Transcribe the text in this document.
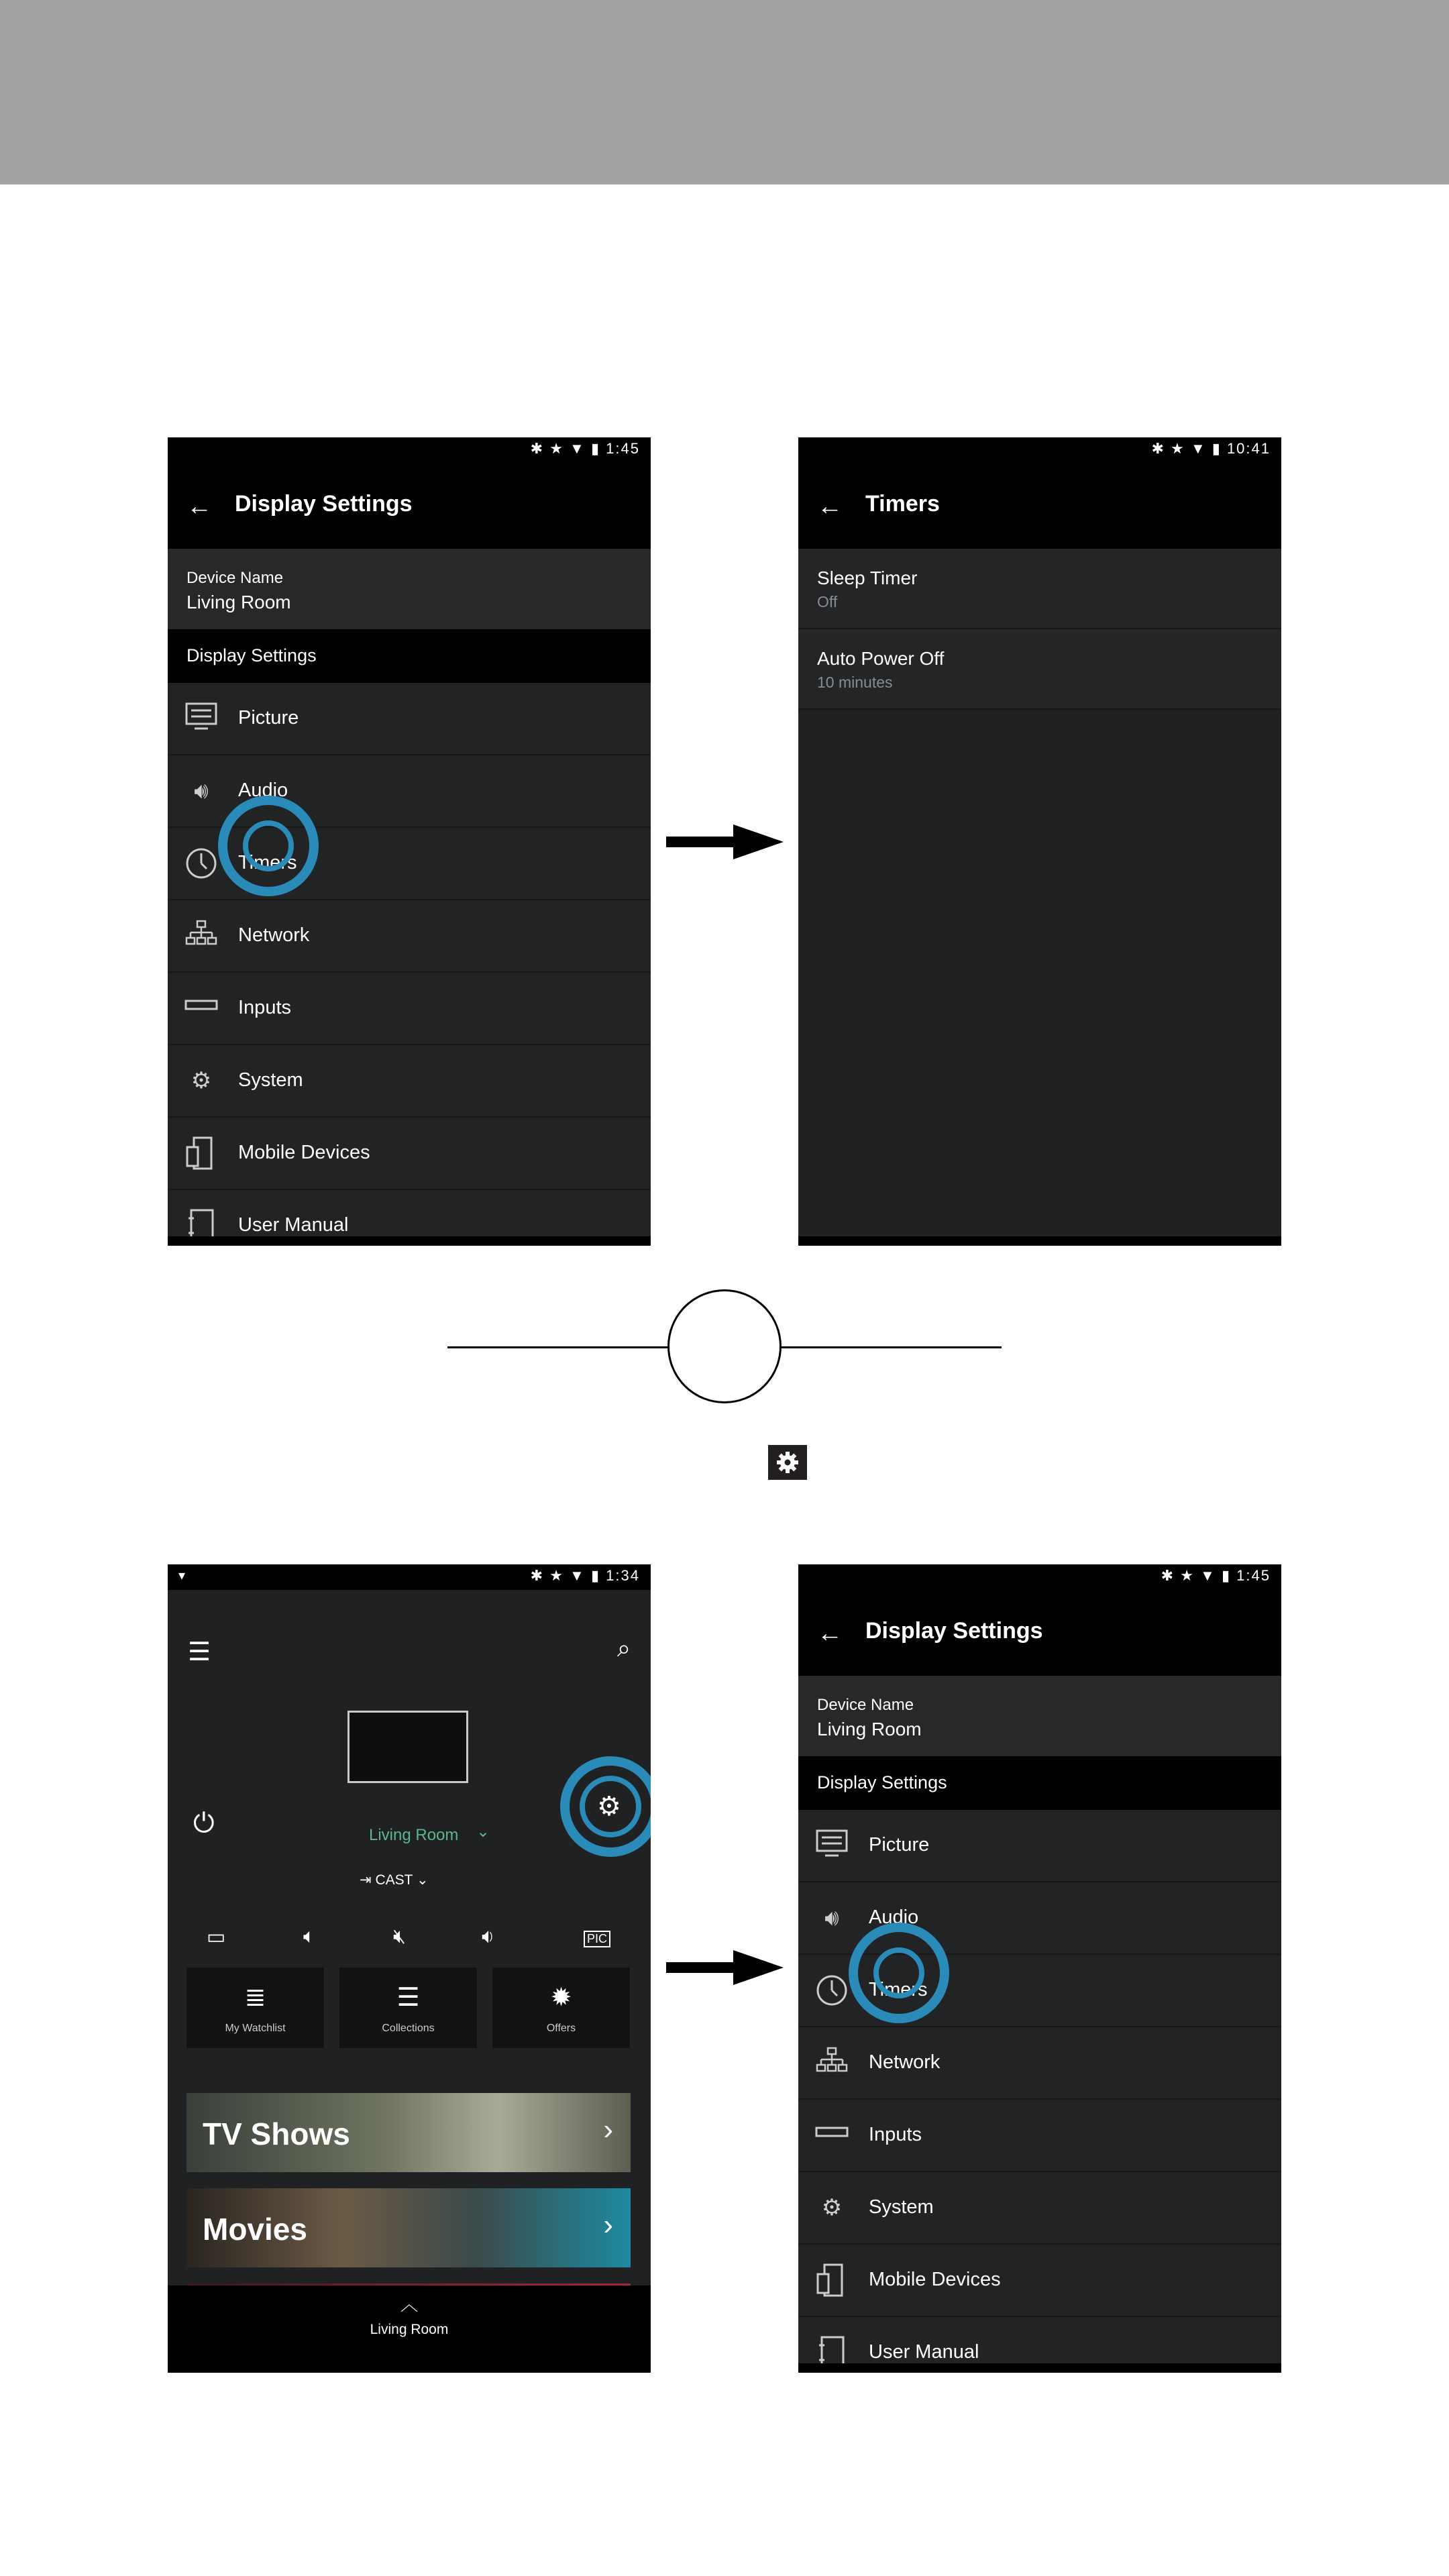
✱ ★ ▼ ▮ 1:45
← Display Settings
Device Name
Living Room
Display Settings
Picture
🔊︎	Audio
Timers
Network
Inputs
⚙	System
Mobile Devices
User Manual
✱ ★ ▼ ▮ 10:41
← Timers
Sleep Timer
Off
Auto Power Off
10 minutes
▾	✱ ★ ▼ ▮ 1:34
☰	⌕
⏻	Living Room ⌄
⇥ CAST ⌄
▭	🔈︎	🔇︎	🔉︎	PIC
≣
My Watchlist
☰
Collections
✹
Offers
TV Shows	›
Movies	›
︿
Living Room
⚙
✱ ★ ▼ ▮ 1:45
← Display Settings
Device Name
Living Room
Display Settings
Picture
🔊︎	Audio
Timers
Network
Inputs
⚙	System
Mobile Devices
User Manual
